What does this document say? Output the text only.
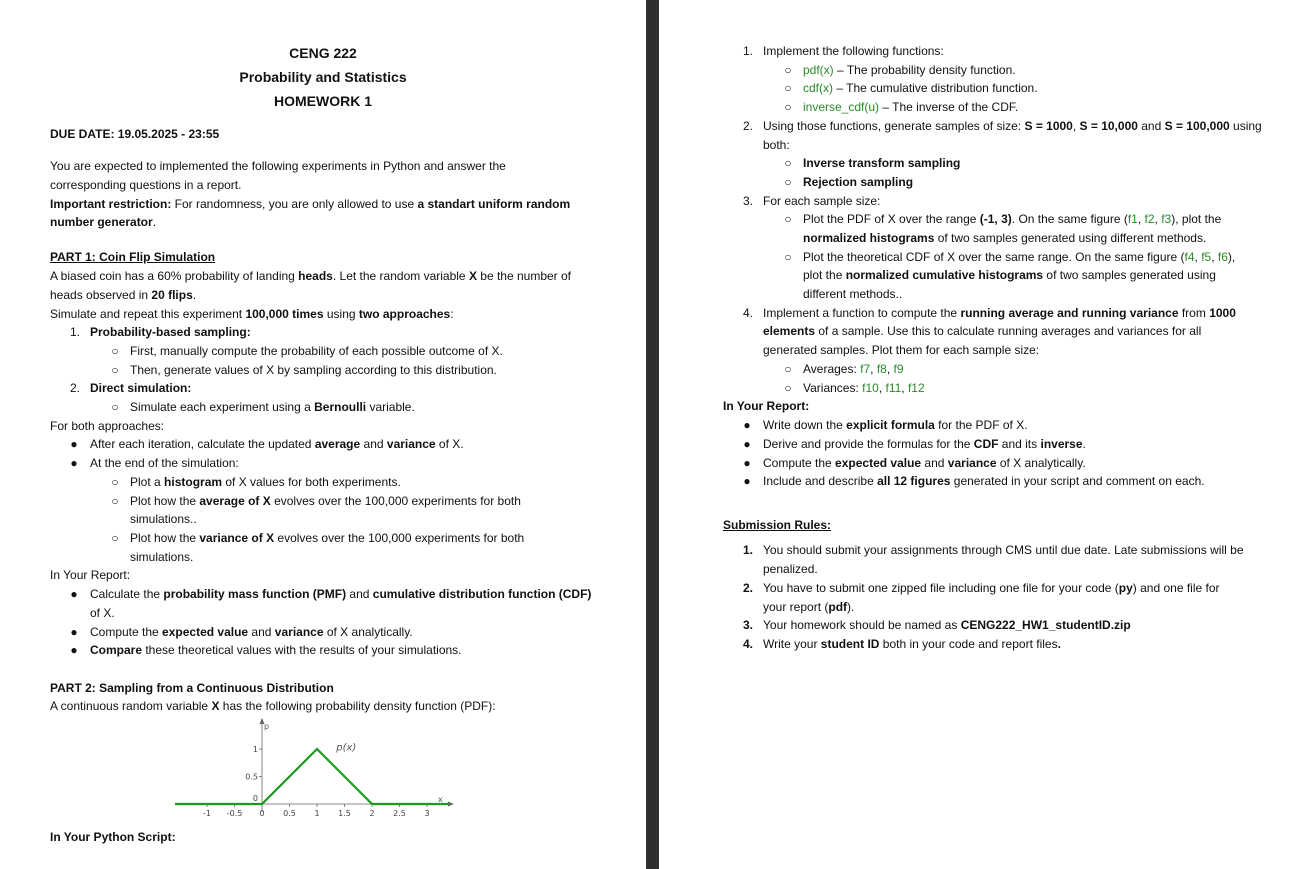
CENG 222
Probability and Statistics
HOMEWORK 1
DUE DATE: 19.05.2025 - 23:55
You are expected to implemented the following experiments in Python and answer the
corresponding questions in a report.
Important restriction: For randomness, you are only allowed to use a standart uniform random
number generator.
PART 1: Coin Flip Simulation
A biased coin has a 60% probability of landing heads. Let the random variable X be the number of
heads observed in 20 flips.
Simulate and repeat this experiment 100,000 times using two approaches:
1. Probability-based sampling:
○ First, manually compute the probability of each possible outcome of X.
○ Then, generate values of X by sampling according to this distribution.
2. Direct simulation:
○ Simulate each experiment using a Bernoulli variable.
For both approaches:
● After each iteration, calculate the updated average and variance of X.
● At the end of the simulation:
○ Plot a histogram of X values for both experiments.
○ Plot how the average of X evolves over the 100,000 experiments for both
simulations..
○ Plot how the variance of X evolves over the 100,000 experiments for both
simulations.
In Your Report:
● Calculate the probability mass function (PMF) and cumulative distribution function (CDF)
of X.
● Compute the expected value and variance of X analytically.
● Compare these theoretical values with the results of your simulations.
PART 2: Sampling from a Continuous Distribution
A continuous random variable X has the following probability density function (PDF):
-1 -0.5 0 0.5 1 1.5 2 2.5 3
0
0.5
1	p(x)
p
x
In Your Python Script:
1. Implement the following functions:
○ pdf(x) – The probability density function.
○ cdf(x) – The cumulative distribution function.
○ inverse_cdf(u) – The inverse of the CDF.
2. Using those functions, generate samples of size: S = 1000, S = 10,000 and S = 100,000 using
both:
○ Inverse transform sampling
○ Rejection sampling
3. For each sample size:
○ Plot the PDF of X over the range (-1, 3). On the same figure (f1, f2, f3), plot the
normalized histograms of two samples generated using different methods.
○ Plot the theoretical CDF of X over the same range. On the same figure (f4, f5, f6),
plot the normalized cumulative histograms of two samples generated using
different methods..
4. Implement a function to compute the running average and running variance from 1000
elements of a sample. Use this to calculate running averages and variances for all
generated samples. Plot them for each sample size:
○ Averages: f7, f8, f9
○ Variances: f10, f11, f12
In Your Report:
● Write down the explicit formula for the PDF of X.
● Derive and provide the formulas for the CDF and its inverse.
● Compute the expected value and variance of X analytically.
● Include and describe all 12 figures generated in your script and comment on each.
Submission Rules:
1. You should submit your assignments through CMS until due date. Late submissions will be
penalized.
2. You have to submit one zipped file including one file for your code (py) and one file for
your report (pdf).
3. Your homework should be named as CENG222_HW1_studentID.zip
4. Write your student ID both in your code and report files.
